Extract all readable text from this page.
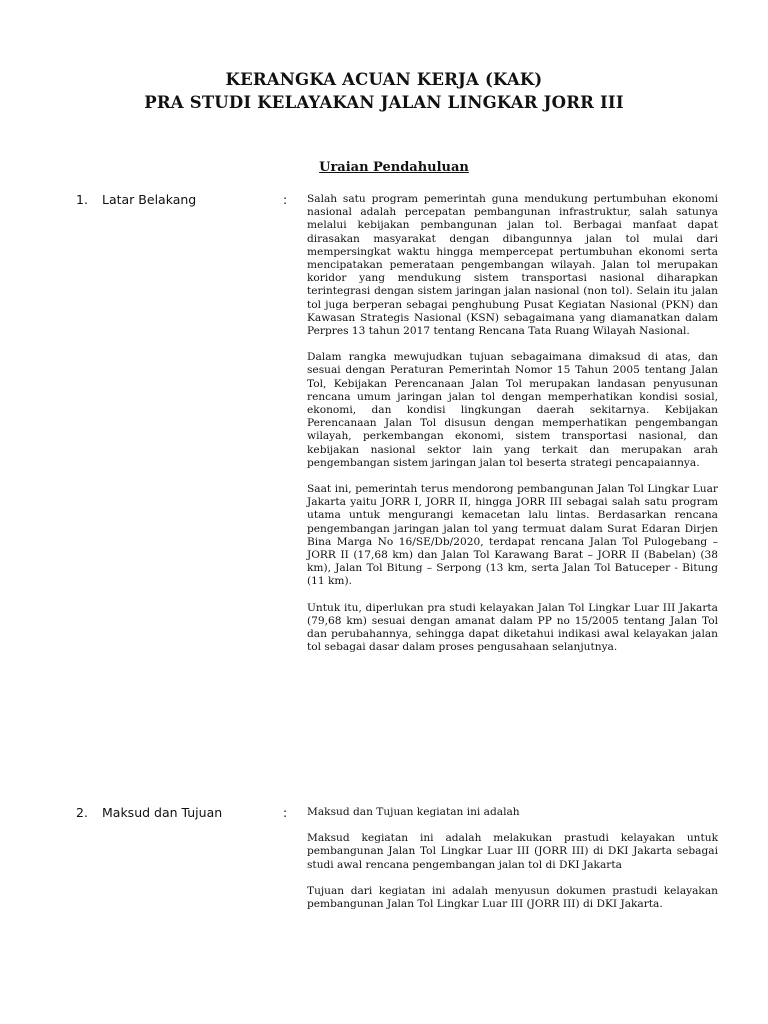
KERANGKA ACUAN KERJA (KAK)
PRA STUDI KELAYAKAN JALAN LINGKAR JORR III
Uraian Pendahuluan
1. Latar Belakang	: Salah satu program pemerintah guna mendukung pertumbuhan ekonomi nasional adalah percepatan pembangunan infrastruktur, salah satunya melalui kebijakan pembangunan jalan tol. Berbagai manfaat dapat dirasakan masyarakat dengan dibangunnya jalan tol mulai dari mempersingkat waktu hingga mempercepat pertumbuhan ekonomi serta mencipatakan pemerataan pengembangan wilayah. Jalan tol merupakan koridor yang mendukung sistem transportasi nasional diharapkan terintegrasi dengan sistem jaringan jalan nasional (non tol). Selain itu jalan tol juga berperan sebagai penghubung Pusat Kegiatan Nasional (PKN) dan Kawasan Strategis Nasional (KSN) sebagaimana yang diamanatkan dalam Perpres 13 tahun 2017 tentang Rencana Tata Ruang Wilayah Nasional.

Dalam rangka mewujudkan tujuan sebagaimana dimaksud di atas, dan sesuai dengan Peraturan Pemerintah Nomor 15 Tahun 2005 tentang Jalan Tol, Kebijakan Perencanaan Jalan Tol merupakan landasan penyusunan rencana umum jaringan jalan tol dengan memperhatikan kondisi sosial, ekonomi, dan kondisi lingkungan daerah sekitarnya. Kebijakan Perencanaan Jalan Tol disusun dengan memperhatikan pengembangan wilayah, perkembangan ekonomi, sistem transportasi nasional, dan kebijakan nasional sektor lain yang terkait dan merupakan arah pengembangan sistem jaringan jalan tol beserta strategi pencapaiannya.

Saat ini, pemerintah terus mendorong pembangunan Jalan Tol Lingkar Luar Jakarta yaitu JORR I, JORR II, hingga JORR III sebagai salah satu program utama untuk mengurangi kemacetan lalu lintas. Berdasarkan rencana pengembangan jaringan jalan tol yang termuat dalam Surat Edaran Dirjen Bina Marga No 16/SE/Db/2020, terdapat rencana Jalan Tol Pulogebang – JORR II (17,68 km) dan Jalan Tol Karawang Barat – JORR II (Babelan) (38 km), Jalan Tol Bitung – Serpong (13 km, serta Jalan Tol Batuceper - Bitung (11 km).

Untuk itu, diperlukan pra studi kelayakan Jalan Tol Lingkar Luar III Jakarta (79,68 km) sesuai dengan amanat dalam PP no 15/2005 tentang Jalan Tol dan perubahannya, sehingga dapat diketahui indikasi awal kelayakan jalan tol sebagai dasar dalam proses pengusahaan selanjutnya.

2. Maksud dan Tujuan	: Maksud dan Tujuan kegiatan ini adalah

Maksud kegiatan ini adalah melakukan prastudi kelayakan untuk pembangunan Jalan Tol Lingkar Luar III (JORR III) di DKI Jakarta sebagai studi awal rencana pengembangan jalan tol di DKI Jakarta

Tujuan dari kegiatan ini adalah menyusun dokumen prastudi kelayakan pembangunan Jalan Tol Lingkar Luar III (JORR III) di DKI Jakarta.
